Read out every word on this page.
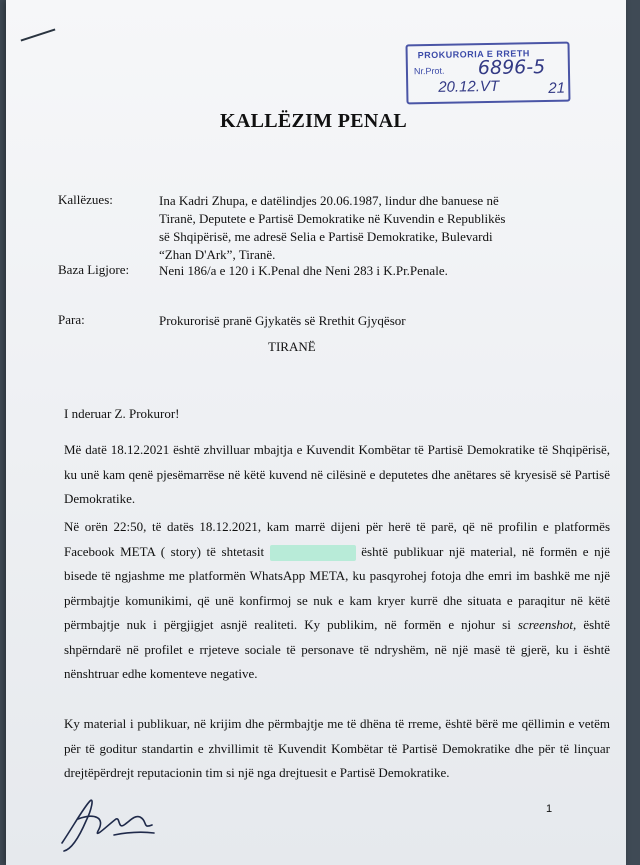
PROKURORIA E RRETH
Nr.Prot. 6896-5
20.12.VT	21
KALLËZIM PENAL
Kallëzues:	Ina Kadri Zhupa, e datëlindjes 20.06.1987, lindur dhe banuese në
Tiranë, Deputete e Partisë Demokratike në Kuvendin e Republikës
së Shqipërisë, me adresë Selia e Partisë Demokratike, Bulevardi
“Zhan D'Ark”, Tiranë.
Baza Ligjore: Neni 186/a e 120 i K.Penal dhe Neni 283 i K.Pr.Penale.
Para:	Prokurorisë pranë Gjykatës së Rrethit Gjyqësor
TIRANË
I nderuar Z. Prokuror!

Më datë 18.12.2021 është zhvilluar mbajtja e Kuvendit Kombëtar të Partisë Demokratike të Shqipërisë, ku unë kam qenë pjesëmarrëse në këtë kuvend në cilësinë e deputetes dhe anëtares së kryesisë së Partisë Demokratike.

Në orën 22:50, të datës 18.12.2021, kam marrë dijeni për herë të parë, që në profilin e platformës Facebook META ( story) të shtetasit	është publikuar një material, në formën e një bisede të ngjashme me platformën WhatsApp META, ku pasqyrohej fotoja dhe emri im bashkë me një përmbajtje komunikimi, që unë konfirmoj se nuk e kam kryer kurrë dhe situata e paraqitur në këtë përmbajtje nuk i përgjigjet asnjë realiteti. Ky publikim, në formën e njohur si screenshot, është shpërndarë në profilet e rrjeteve sociale të personave të ndryshëm, në një masë të gjerë, ku i është nënshtruar edhe komenteve negative.

Ky material i publikuar, në krijim dhe përmbajtje me të dhëna të rreme, është bërë me qëllimin e vetëm për të goditur standartin e zhvillimit të Kuvendit Kombëtar të Partisë Demokratike dhe për të linçuar drejtëpërdrejt reputacionin tim si një nga drejtuesit e Partisë Demokratike.

1
